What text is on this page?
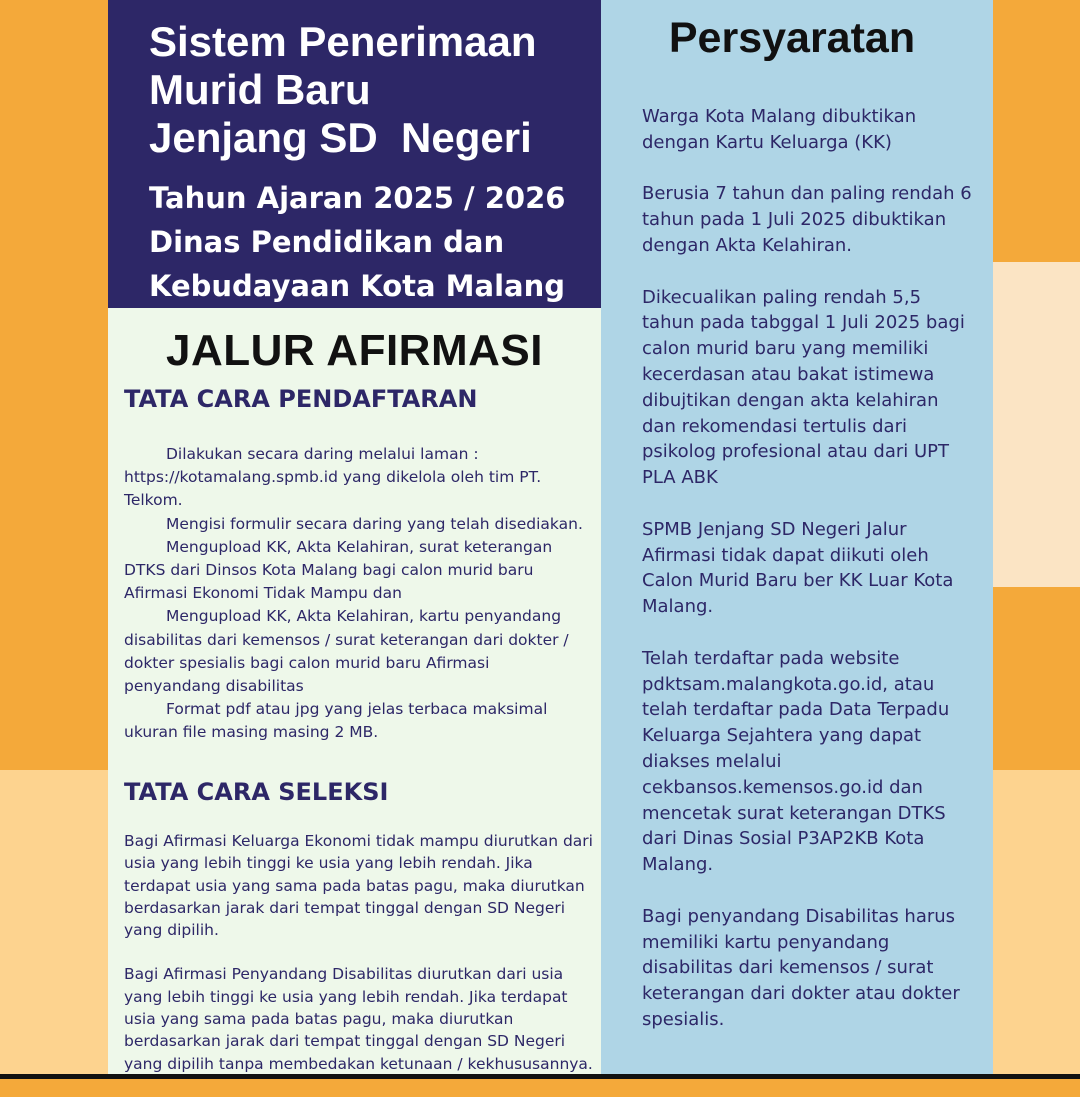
Sistem Penerimaan
Murid Baru
Jenjang SD  Negeri
Tahun Ajaran 2025 / 2026
Dinas Pendidikan dan
Kebudayaan Kota Malang
JALUR AFIRMASI
TATA CARA PENDAFTARAN

Dilakukan secara daring melalui laman : https://kotamalang.spmb.id yang dikelola oleh tim PT. Telkom.

Mengisi formulir secara daring yang telah disediakan.

Mengupload KK, Akta Kelahiran, surat keterangan DTKS dari Dinsos Kota Malang bagi calon murid baru Afirmasi Ekonomi Tidak Mampu dan

Mengupload KK, Akta Kelahiran, kartu penyandang disabilitas dari kemensos / surat keterangan dari dokter / dokter spesialis bagi calon murid baru Afirmasi penyandang disabilitas

Format pdf atau jpg yang jelas terbaca maksimal ukuran file masing masing 2 MB.

TATA CARA SELEKSI

Bagi Afirmasi Keluarga Ekonomi tidak mampu diurutkan dari usia yang lebih tinggi ke usia yang lebih rendah. Jika terdapat usia yang sama pada batas pagu, maka diurutkan berdasarkan jarak dari tempat tinggal dengan SD Negeri yang dipilih.

Bagi Afirmasi Penyandang Disabilitas diurutkan dari usia yang lebih tinggi ke usia yang lebih rendah. Jika terdapat usia yang sama pada batas pagu, maka diurutkan berdasarkan jarak dari tempat tinggal dengan SD Negeri yang dipilih tanpa membedakan ketunaan / kekhususannya.

Persyaratan

Warga Kota Malang dibuktikan dengan Kartu Keluarga (KK)

Berusia 7 tahun dan paling rendah 6 tahun pada 1 Juli 2025 dibuktikan dengan Akta Kelahiran.

Dikecualikan paling rendah 5,5 tahun pada tabggal 1 Juli 2025 bagi calon murid baru yang memiliki kecerdasan atau bakat istimewa dibujtikan dengan akta kelahiran dan rekomendasi tertulis dari psikolog profesional atau dari UPT PLA ABK

SPMB Jenjang SD Negeri Jalur Afirmasi tidak dapat diikuti oleh Calon Murid Baru ber KK Luar Kota Malang.

Telah terdaftar pada website pdktsam.malangkota.go.id, atau telah terdaftar pada Data Terpadu Keluarga Sejahtera yang dapat diakses melalui cekbansos.kemensos.go.id dan mencetak surat keterangan DTKS dari Dinas Sosial P3AP2KB Kota Malang.

Bagi penyandang Disabilitas harus memiliki kartu penyandang disabilitas dari kemensos / surat keterangan dari dokter atau dokter spesialis.
